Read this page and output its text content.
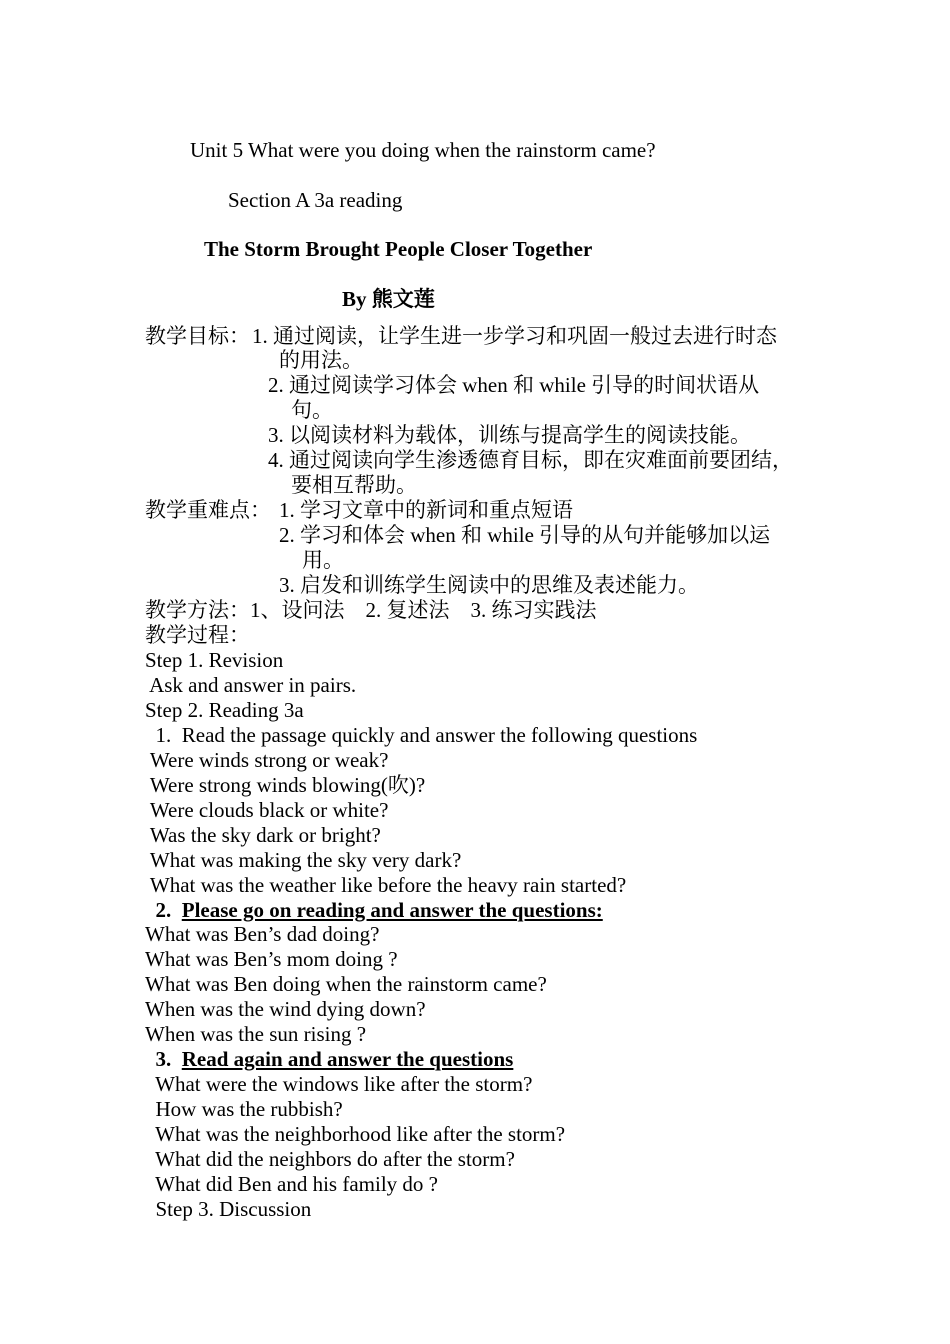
Unit 5 What were you doing when the rainstorm came?
Section A 3a reading
The Storm Brought People Closer Together
By 熊文莲
教学目标： 1. 通过阅读，让学生进一步学习和巩固一般过去进行时态
的用法。
2. 通过阅读学习体会 when 和 while 引导的时间状语从
句。
3. 以阅读材料为载体，训练与提高学生的阅读技能。
4. 通过阅读向学生渗透德育目标，即在灾难面前要团结，
要相互帮助。
教学重难点： 1. 学习文章中的新词和重点短语
2. 学习和体会 when 和 while 引导的从句并能够加以运
用。
3. 启发和训练学生阅读中的思维及表述能力。
教学方法：1、设问法    2. 复述法    3. 练习实践法
教学过程：
Step 1. Revision
Ask and answer in pairs.
Step 2. Reading 3a
1.  Read the passage quickly and answer the following questions
Were winds strong or weak?
Were strong winds blowing(吹)?
Were clouds black or white?
Was the sky dark or bright?
What was making the sky very dark?
What was the weather like before the heavy rain started?
2.  Please go on reading and answer the questions:
What was Ben’s dad doing?
What was Ben’s mom doing ?
What was Ben doing when the rainstorm came?
When was the wind dying down?
When was the sun rising ?
3.  Read again and answer the questions
What were the windows like after the storm?
How was the rubbish?
What was the neighborhood like after the storm?
What did the neighbors do after the storm?
What did Ben and his family do ?
Step 3. Discussion
